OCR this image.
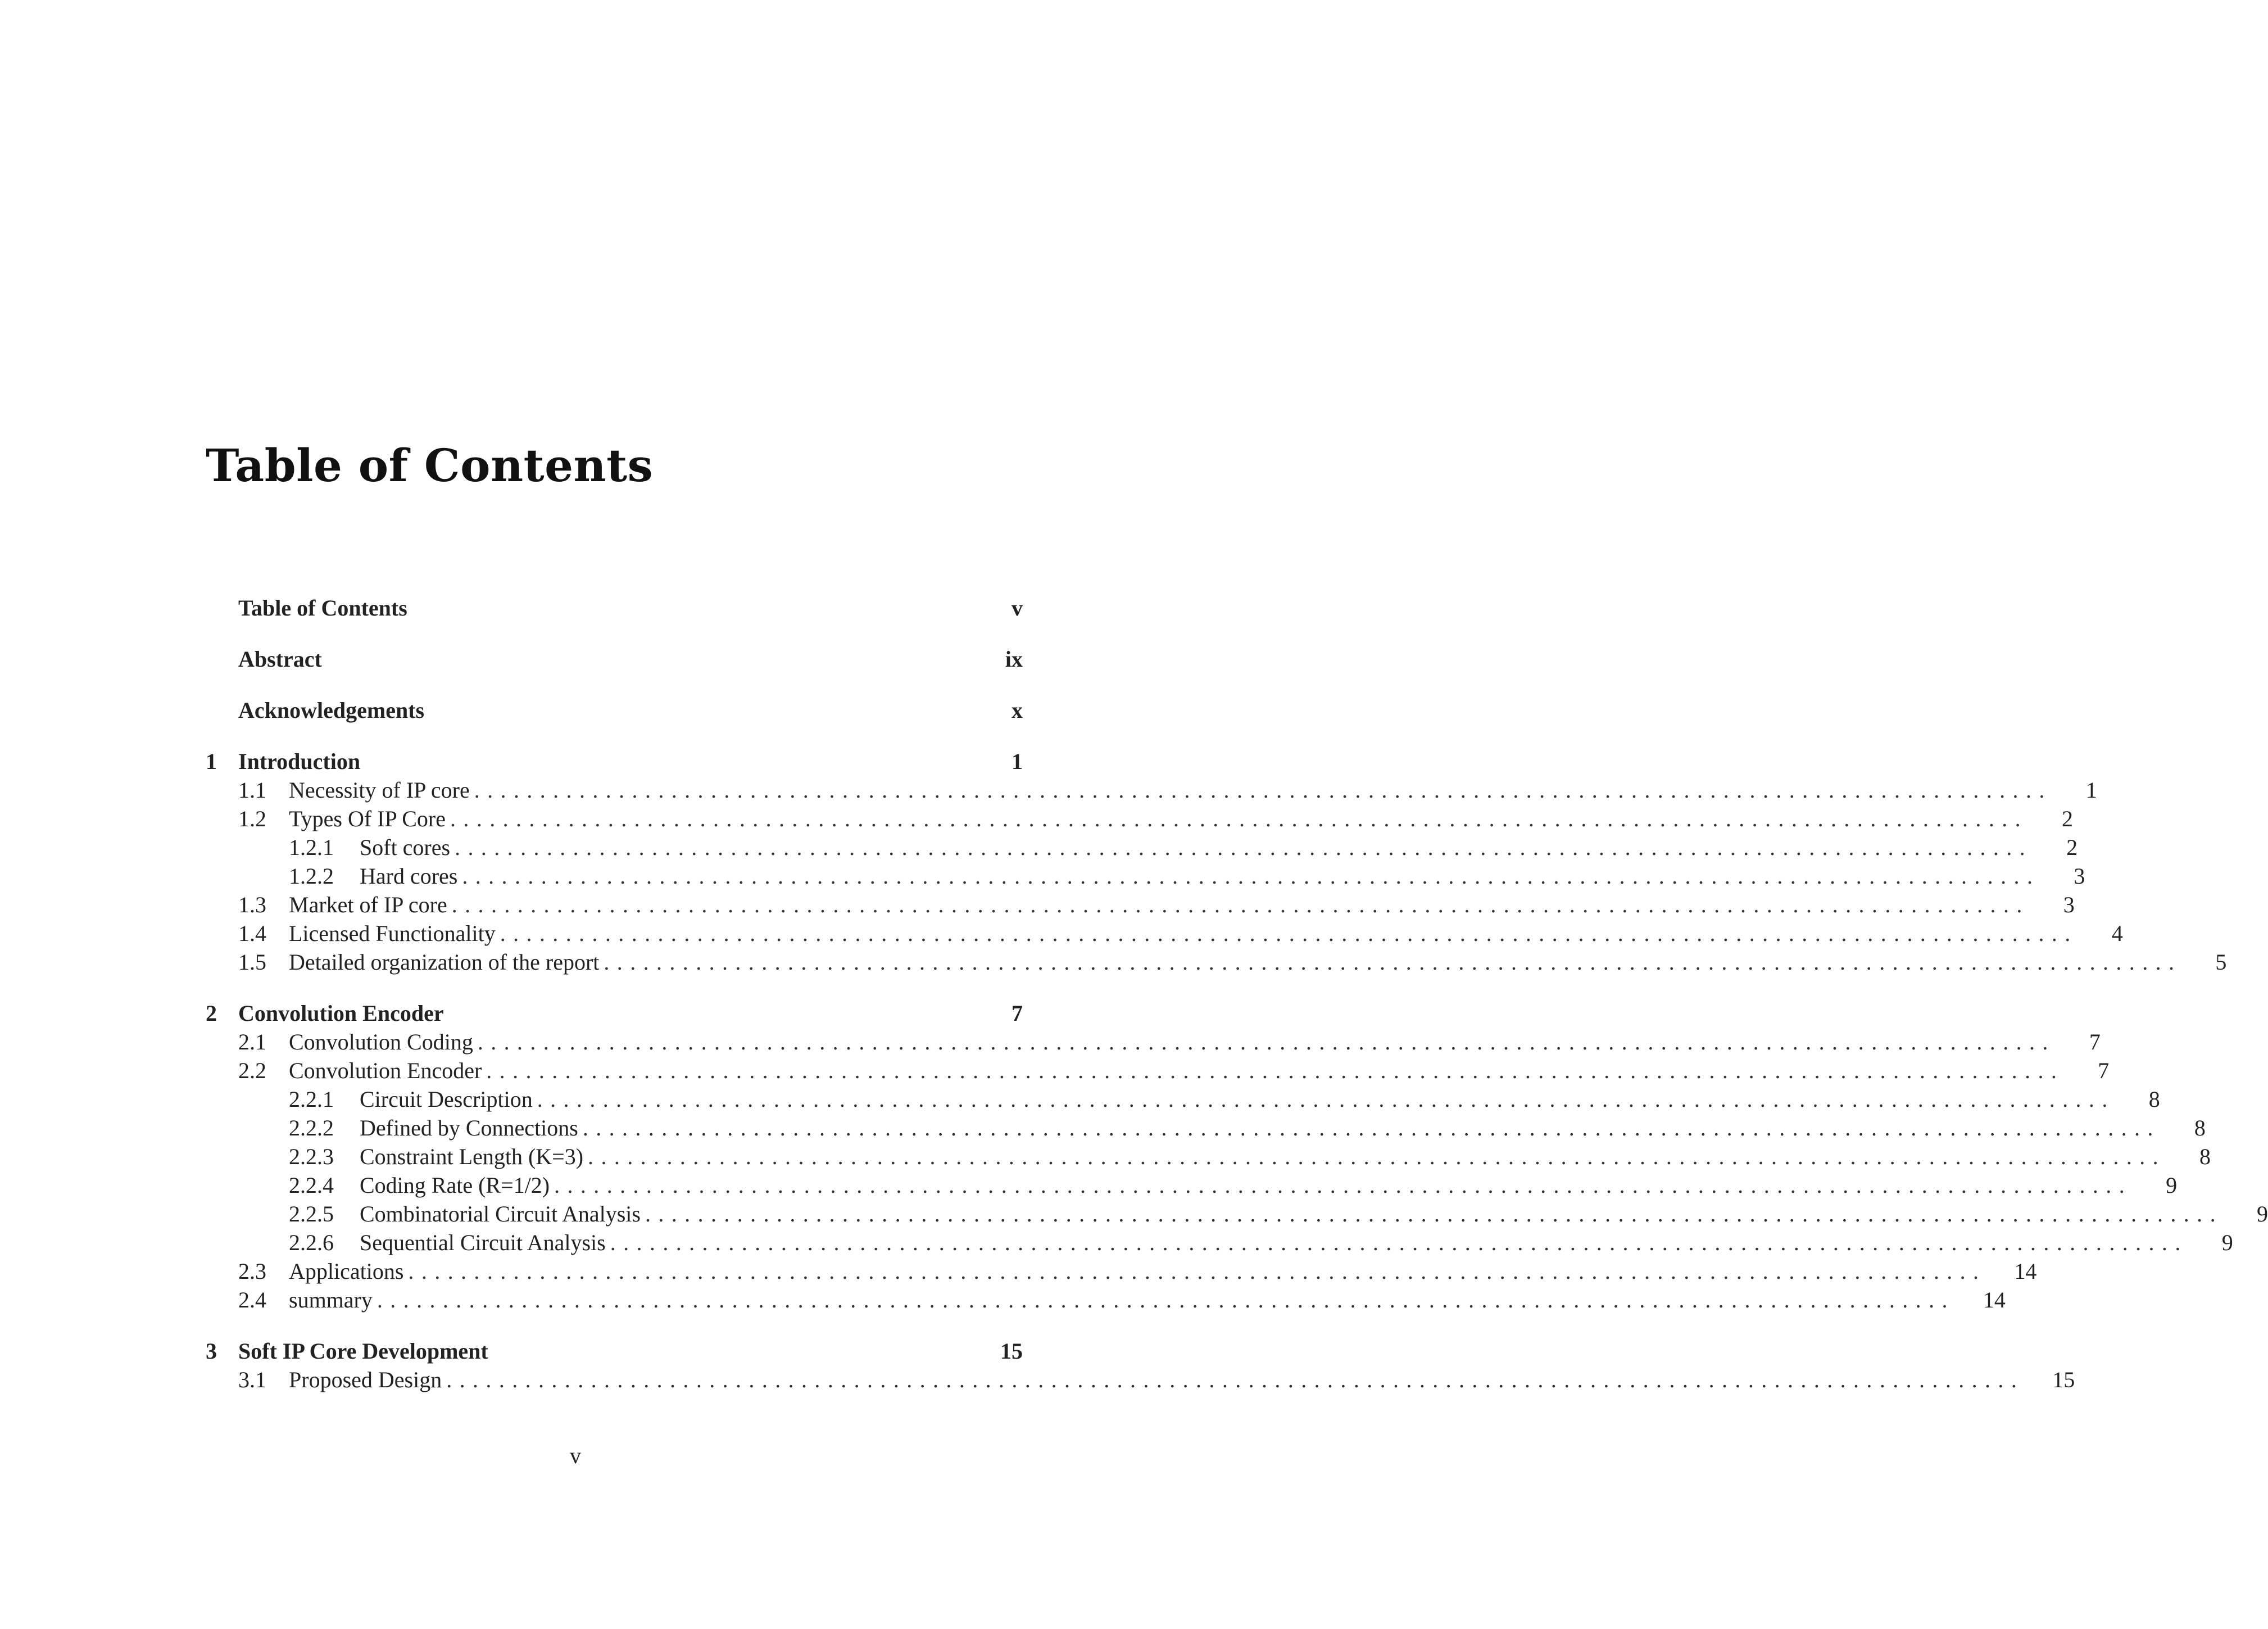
Table of Contents
Table of Contents	v
Abstract	ix
Acknowledgements	x
1 Introduction	1
1.1	Necessity of IP core ........................................................................................................................ 1
1.2	Types Of IP Core ........................................................................................................................ 2
1.2.1	Soft cores ........................................................................................................................ 2
1.2.2	Hard cores ........................................................................................................................ 3
1.3	Market of IP core ........................................................................................................................ 3
1.4	Licensed Functionality ........................................................................................................................ 4
1.5	Detailed organization of the report ........................................................................................................................ 5
2 Convolution Encoder	7
2.1	Convolution Coding ........................................................................................................................ 7
2.2	Convolution Encoder ........................................................................................................................ 7
2.2.1	Circuit Description ........................................................................................................................ 8
2.2.2	Defined by Connections ........................................................................................................................ 8
2.2.3	Constraint Length (K=3) ........................................................................................................................ 8
2.2.4	Coding Rate (R=1/2) ........................................................................................................................ 9
2.2.5	Combinatorial Circuit Analysis ........................................................................................................................ 9
2.2.6	Sequential Circuit Analysis ........................................................................................................................ 9
2.3	Applications ........................................................................................................................ 14
2.4	summary ........................................................................................................................ 14
3 Soft IP Core Development	15
3.1	Proposed Design ........................................................................................................................ 15
v
